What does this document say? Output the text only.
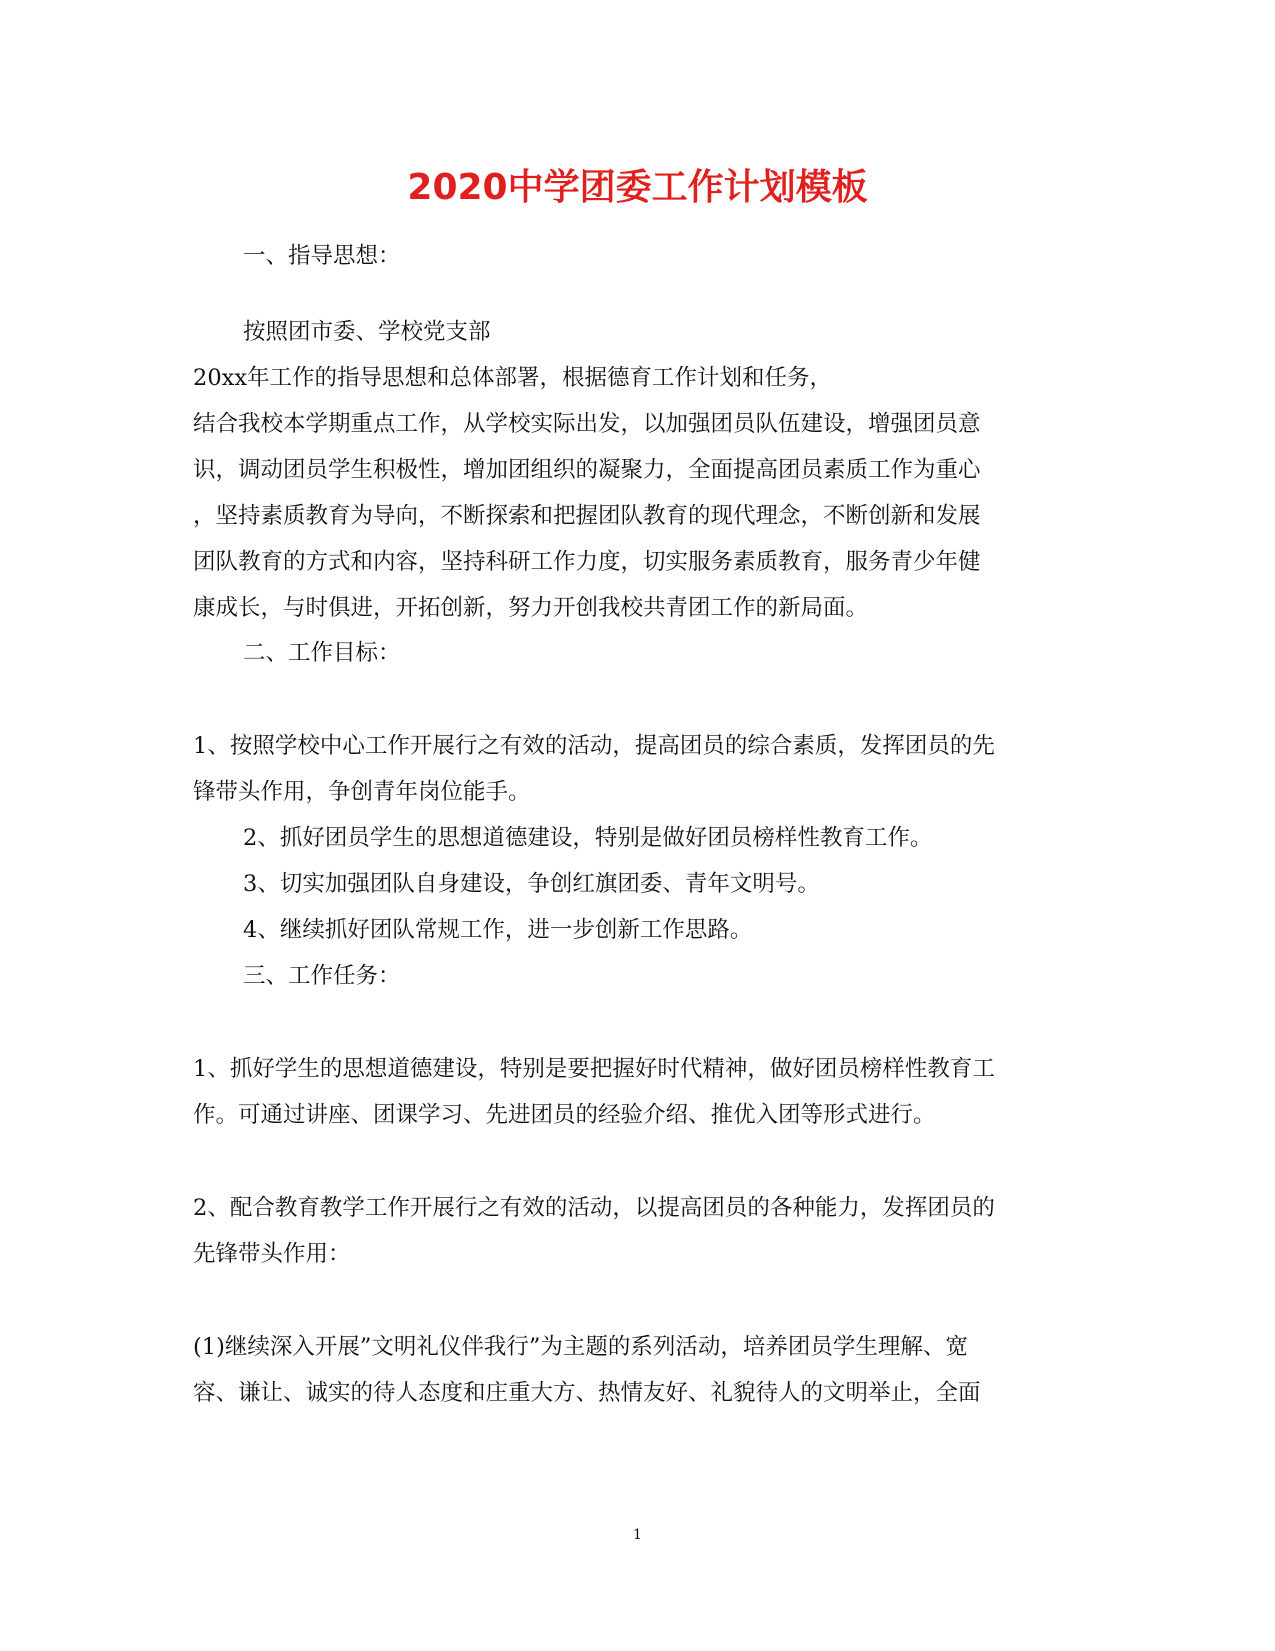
2020中学团委工作计划模板
一、指导思想：
按照团市委、学校党支部
20xx年工作的指导思想和总体部署，根据德育工作计划和任务，
结合我校本学期重点工作，从学校实际出发，以加强团员队伍建设，增强团员意
识，调动团员学生积极性，增加团组织的凝聚力，全面提高团员素质工作为重心
，坚持素质教育为导向，不断探索和把握团队教育的现代理念，不断创新和发展
团队教育的方式和内容，坚持科研工作力度，切实服务素质教育，服务青少年健
康成长，与时俱进，开拓创新，努力开创我校共青团工作的新局面。
二、工作目标：
1、按照学校中心工作开展行之有效的活动，提高团员的综合素质，发挥团员的先
锋带头作用，争创青年岗位能手。
2、抓好团员学生的思想道德建设，特别是做好团员榜样性教育工作。
3、切实加强团队自身建设，争创红旗团委、青年文明号。
4、继续抓好团队常规工作，进一步创新工作思路。
三、工作任务：
1、抓好学生的思想道德建设，特别是要把握好时代精神，做好团员榜样性教育工
作。可通过讲座、团课学习、先进团员的经验介绍、推优入团等形式进行。
2、配合教育教学工作开展行之有效的活动，以提高团员的各种能力，发挥团员的
先锋带头作用：
(1)继续深入开展”文明礼仪伴我行”为主题的系列活动，培养团员学生理解、宽
容、谦让、诚实的待人态度和庄重大方、热情友好、礼貌待人的文明举止，全面
1
